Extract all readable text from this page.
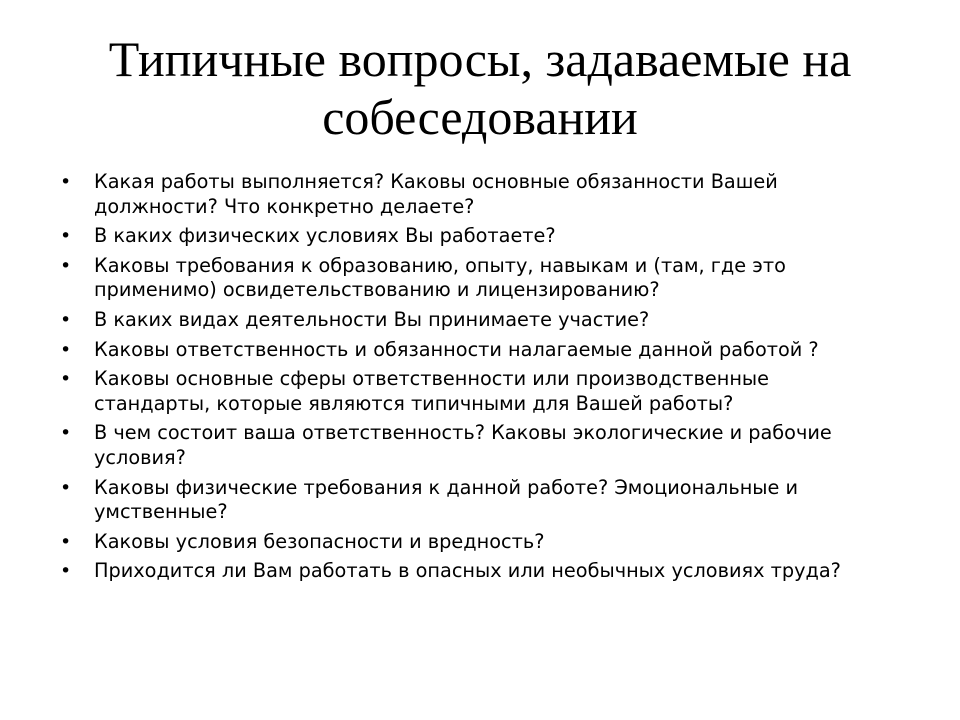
Типичные вопросы, задаваемые на собеседовании
•	Какая работы выполняется? Каковы основные обязанности Вашей должности? Что конкретно делаете?
•	В каких физических условиях Вы работаете?
•	Каковы требования к образованию, опыту, навыкам и (там, где это применимо) освидетельствованию и лицензированию?
•	В каких видах деятельности Вы принимаете участие?
•	Каковы ответственность и обязанности налагаемые данной работой ?
•	Каковы основные сферы ответственности или производственные стандарты, которые являются типичными для Вашей работы?
•	В чем состоит ваша ответственность? Каковы экологические и рабочие условия?
•	Каковы физические требования к данной работе? Эмоциональные и умственные?
•	Каковы условия безопасности и вредность?
•	Приходится ли Вам работать в опасных или необычных условиях труда?
